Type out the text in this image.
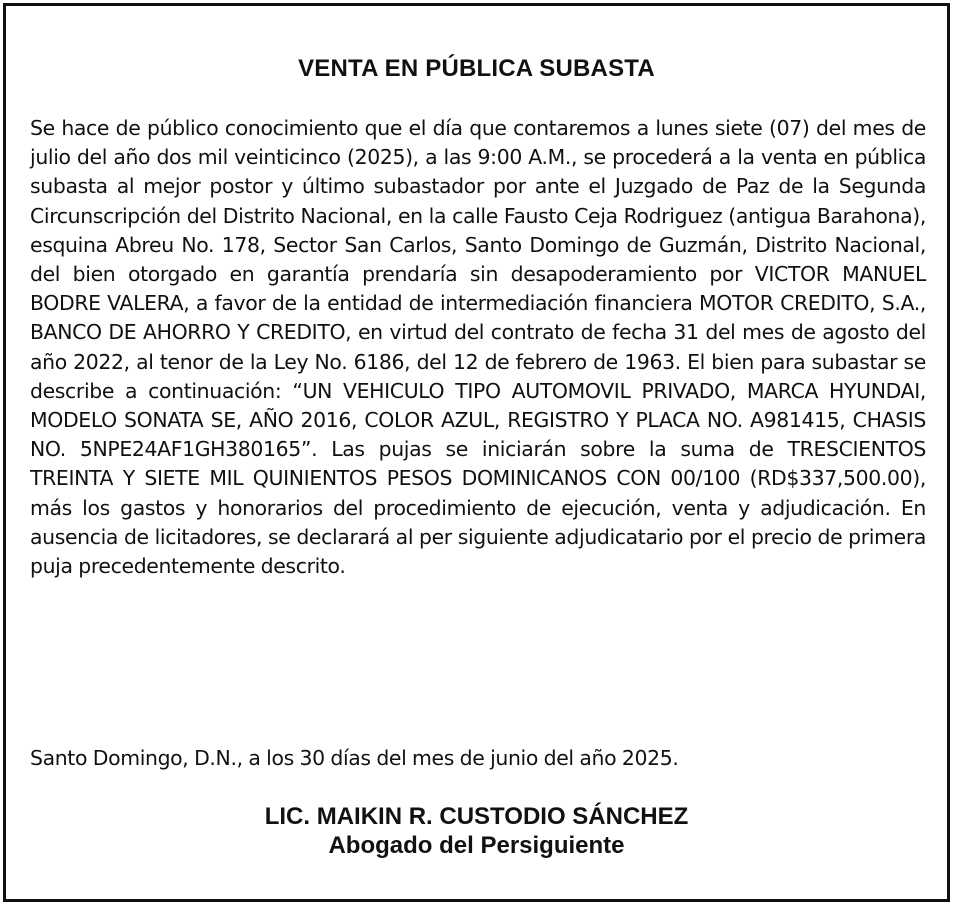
VENTA EN PÚBLICA SUBASTA
Se hace de público conocimiento que el día que contaremos a lunes siete (07) del mes de julio del año dos mil veinticinco (2025), a las 9:00 A.M., se procederá a la venta en pública subasta al mejor postor y último subastador por ante el Juzgado de Paz de la Segunda Circunscripción del Distrito Nacional, en la calle Fausto Ceja Rodriguez (antigua Barahona), esquina Abreu No. 178, Sector San Carlos, Santo Domingo de Guzmán, Distrito Nacional, del bien otorgado en garantía prendaría sin desapoderamiento por VICTOR MANUEL BODRE VALERA, a favor de la entidad de intermediación financiera MOTOR CREDITO, S.A., BANCO DE AHORRO Y CREDITO, en virtud del contrato de fecha 31 del mes de agosto del año 2022, al tenor de la Ley No. 6186, del 12 de febrero de 1963. El bien para subastar se describe a continuación: “UN VEHICULO TIPO AUTOMOVIL PRIVADO, MARCA HYUNDAI, MODELO SONATA SE, AÑO 2016, COLOR AZUL, REGISTRO Y PLACA NO. A981415, CHASIS NO. 5NPE24AF1GH380165”. Las pujas se iniciarán sobre la suma de TRESCIENTOS TREINTA Y SIETE MIL QUINIENTOS PESOS DOMINICANOS CON 00/100 (RD$337,500.00), más los gastos y honorarios del procedimiento de ejecución, venta y adjudicación. En ausencia de licitadores, se declarará al per siguiente adjudicatario por el precio de primera puja precedentemente descrito.
Santo Domingo, D.N., a los 30 días del mes de junio del año 2025.
LIC. MAIKIN R. CUSTODIO SÁNCHEZ
Abogado del Persiguiente
